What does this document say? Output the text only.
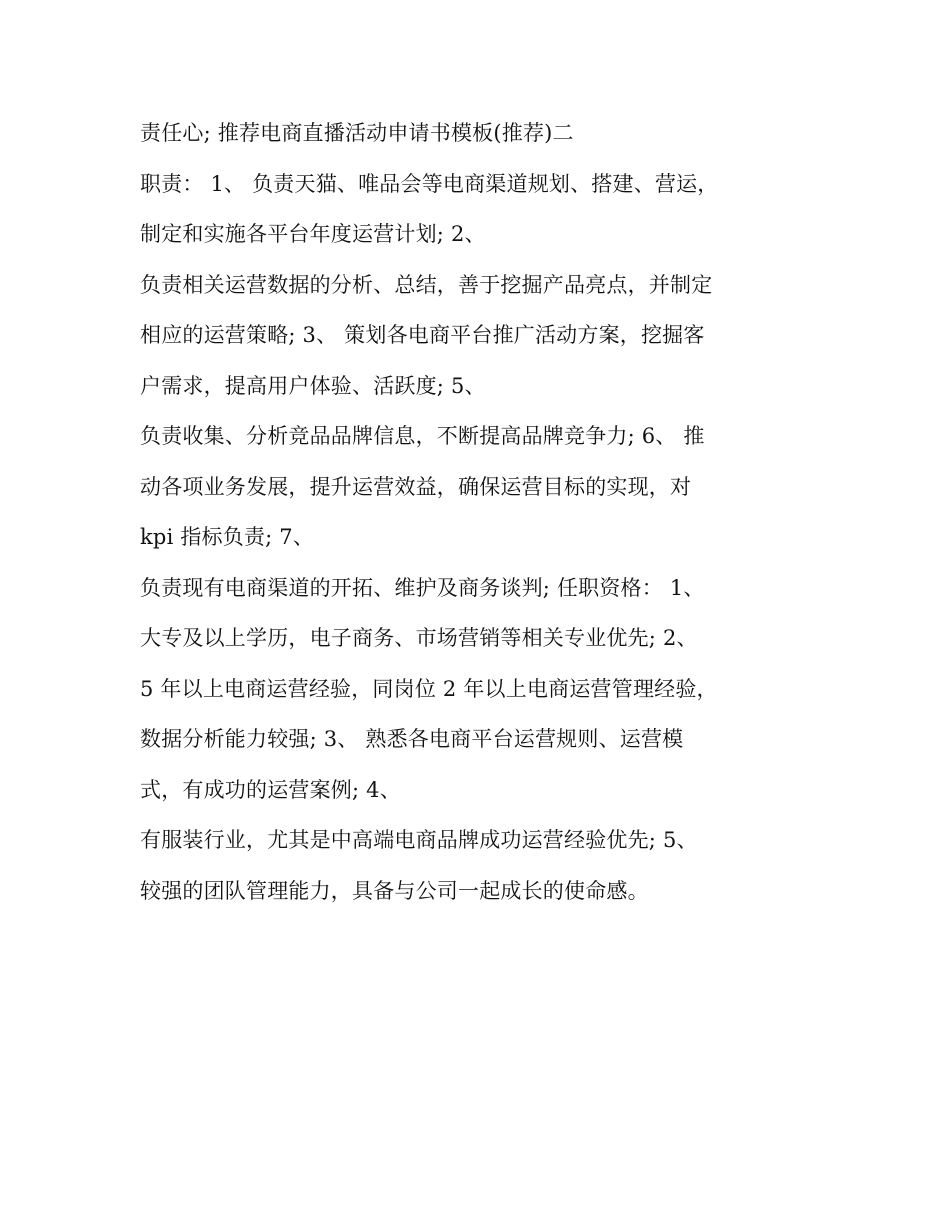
责任心; 推荐电商直播活动申请书模板(推荐)二
职责： 1、 负责天猫、唯品会等电商渠道规划、搭建、营运，
制定和实施各平台年度运营计划; 2、
负责相关运营数据的分析、总结，善于挖掘产品亮点，并制定
相应的运营策略; 3、 策划各电商平台推广活动方案，挖掘客
户需求，提高用户体验、活跃度; 5、
负责收集、分析竞品品牌信息，不断提高品牌竞争力; 6、 推
动各项业务发展，提升运营效益，确保运营目标的实现，对
kpi 指标负责; 7、
负责现有电商渠道的开拓、维护及商务谈判; 任职资格： 1、
大专及以上学历，电子商务、市场营销等相关专业优先; 2、
5 年以上电商运营经验，同岗位 2 年以上电商运营管理经验，
数据分析能力较强; 3、 熟悉各电商平台运营规则、运营模
式，有成功的运营案例; 4、
有服装行业，尤其是中高端电商品牌成功运营经验优先; 5、
较强的团队管理能力，具备与公司一起成长的使命感。
